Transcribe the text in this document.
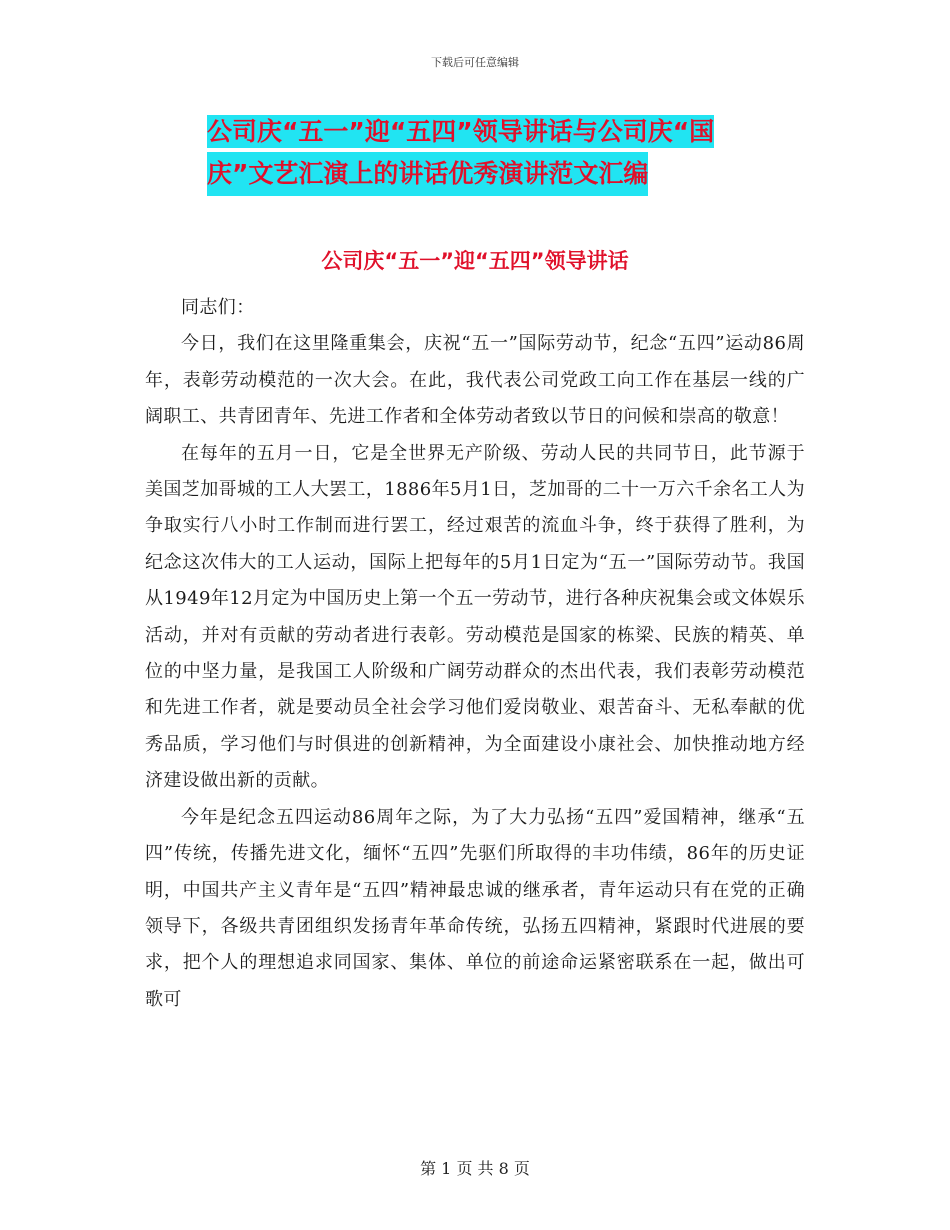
下载后可任意编辑
公司庆“五一”迎“五四”领导讲话与公司庆“国
庆”文艺汇演上的讲话优秀演讲范文汇编
公司庆“五一”迎“五四”领导讲话

同志们：

今日，我们在这里隆重集会，庆祝“五一”国际劳动节，纪念“五四”运动86周年，表彰劳动模范的一次大会。在此，我代表公司党政工向工作在基层一线的广阔职工、共青团青年、先进工作者和全体劳动者致以节日的问候和崇高的敬意！

在每年的五月一日，它是全世界无产阶级、劳动人民的共同节日，此节源于美国芝加哥城的工人大罢工，1886年5月1日，芝加哥的二十一万六千余名工人为争取实行八小时工作制而进行罢工，经过艰苦的流血斗争，终于获得了胜利，为纪念这次伟大的工人运动，国际上把每年的5月1日定为“五一”国际劳动节。我国从1949年12月定为中国历史上第一个五一劳动节，进行各种庆祝集会或文体娱乐活动，并对有贡献的劳动者进行表彰。劳动模范是国家的栋梁、民族的精英、单位的中坚力量，是我国工人阶级和广阔劳动群众的杰出代表，我们表彰劳动模范和先进工作者，就是要动员全社会学习他们爱岗敬业、艰苦奋斗、无私奉献的优秀品质，学习他们与时俱进的创新精神，为全面建设小康社会、加快推动地方经济建设做出新的贡献。

今年是纪念五四运动86周年之际，为了大力弘扬“五四”爱国精神，继承“五四”传统，传播先进文化，缅怀“五四”先驱们所取得的丰功伟绩，86年的历史证明，中国共产主义青年是“五四”精神最忠诚的继承者，青年运动只有在党的正确领导下，各级共青团组织发扬青年革命传统，弘扬五四精神，紧跟时代进展的要求，把个人的理想追求同国家、集体、单位的前途命运紧密联系在一起，做出可歌可

第 1 页 共 8 页
